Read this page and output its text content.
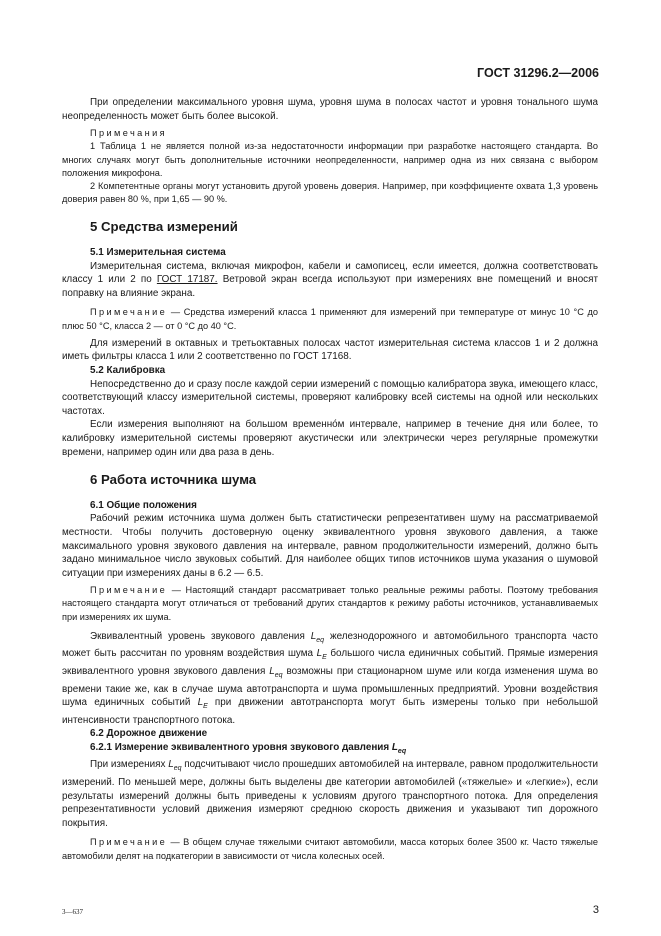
ГОСТ 31296.2—2006

При определении максимального уровня шума, уровня шума в полосах частот и уровня тонального шума неопределенность может быть более высокой.

Примечания

1 Таблица 1 не является полной из-за недостаточности информации при разработке настоящего стандарта. Во многих случаях могут быть дополнительные источники неопределенности, например одна из них связана с выбором положения микрофона.

2 Компетентные органы могут установить другой уровень доверия. Например, при коэффициенте охвата 1,3 уровень доверия равен 80 %, при 1,65 — 90 %.

5 Средства измерений

5.1 Измерительная система

Измерительная система, включая микрофон, кабели и самописец, если имеется, должна соответствовать классу 1 или 2 по ГОСТ 17187. Ветровой экран всегда используют при измерениях вне помещений и вносят поправку на влияние экрана.

Примечание — Средства измерений класса 1 применяют для измерений при температуре от минус 10 °С до плюс 50 °С, класса 2 — от 0 °С до 40 °С.

Для измерений в октавных и третьоктавных полосах частот измерительная система классов 1 и 2 должна иметь фильтры класса 1 или 2 соответственно по ГОСТ 17168.

5.2 Калибровка

Непосредственно до и сразу после каждой серии измерений с помощью калибратора звука, имеющего класс, соответствующий классу измерительной системы, проверяют калибровку всей системы на одной или нескольких частотах.

Если измерения выполняют на большом временно́м интервале, например в течение дня или более, то калибровку измерительной системы проверяют акустически или электрически через регулярные промежутки времени, например один или два раза в день.

6 Работа источника шума

6.1 Общие положения

Рабочий режим источника шума должен быть статистически репрезентативен шуму на рассматриваемой местности. Чтобы получить достоверную оценку эквивалентного уровня звукового давления, а также максимального уровня звукового давления на интервале, равном продолжительности измерений, должно быть задано минимальное число звуковых событий. Для наиболее общих типов источников шума указания о шумовой ситуации при измерениях даны в 6.2 — 6.5.

Примечание — Настоящий стандарт рассматривает только реальные режимы работы. Поэтому требования настоящего стандарта могут отличаться от требований других стандартов к режиму работы источников, устанавливаемых при измерениях их шума.

Эквивалентный уровень звукового давления $L_{eq}$ железнодорожного и автомобильного транспорта часто может быть рассчитан по уровням воздействия шума $L_E$ большого числа единичных событий. Прямые измерения эквивалентного уровня звукового давления $L_{eq}$ возможны при стационарном шуме или когда изменения шума во времени такие же, как в случае шума автотранспорта и шума промышленных предприятий. Уровни воздействия шума единичных событий $L_E$ при движении автотранспорта могут быть измерены только при небольшой интенсивности транспортного потока.

6.2 Дорожное движение

6.2.1 Измерение эквивалентного уровня звукового давления $L_{eq}$

При измерениях $L_{eq}$ подсчитывают число прошедших автомобилей на интервале, равном продолжительности измерений. По меньшей мере, должны быть выделены две категории автомобилей («тяжелые» и «легкие»), если результаты измерений должны быть приведены к условиям другого транспортного потока. Для определения репрезентативности условий движения измеряют среднюю скорость движения и указывают тип дорожного покрытия.

Примечание — В общем случае тяжелыми считают автомобили, масса которых более 3500 кг. Часто тяжелые автомобили делят на подкатегории в зависимости от числа колесных осей.

3—637	3
